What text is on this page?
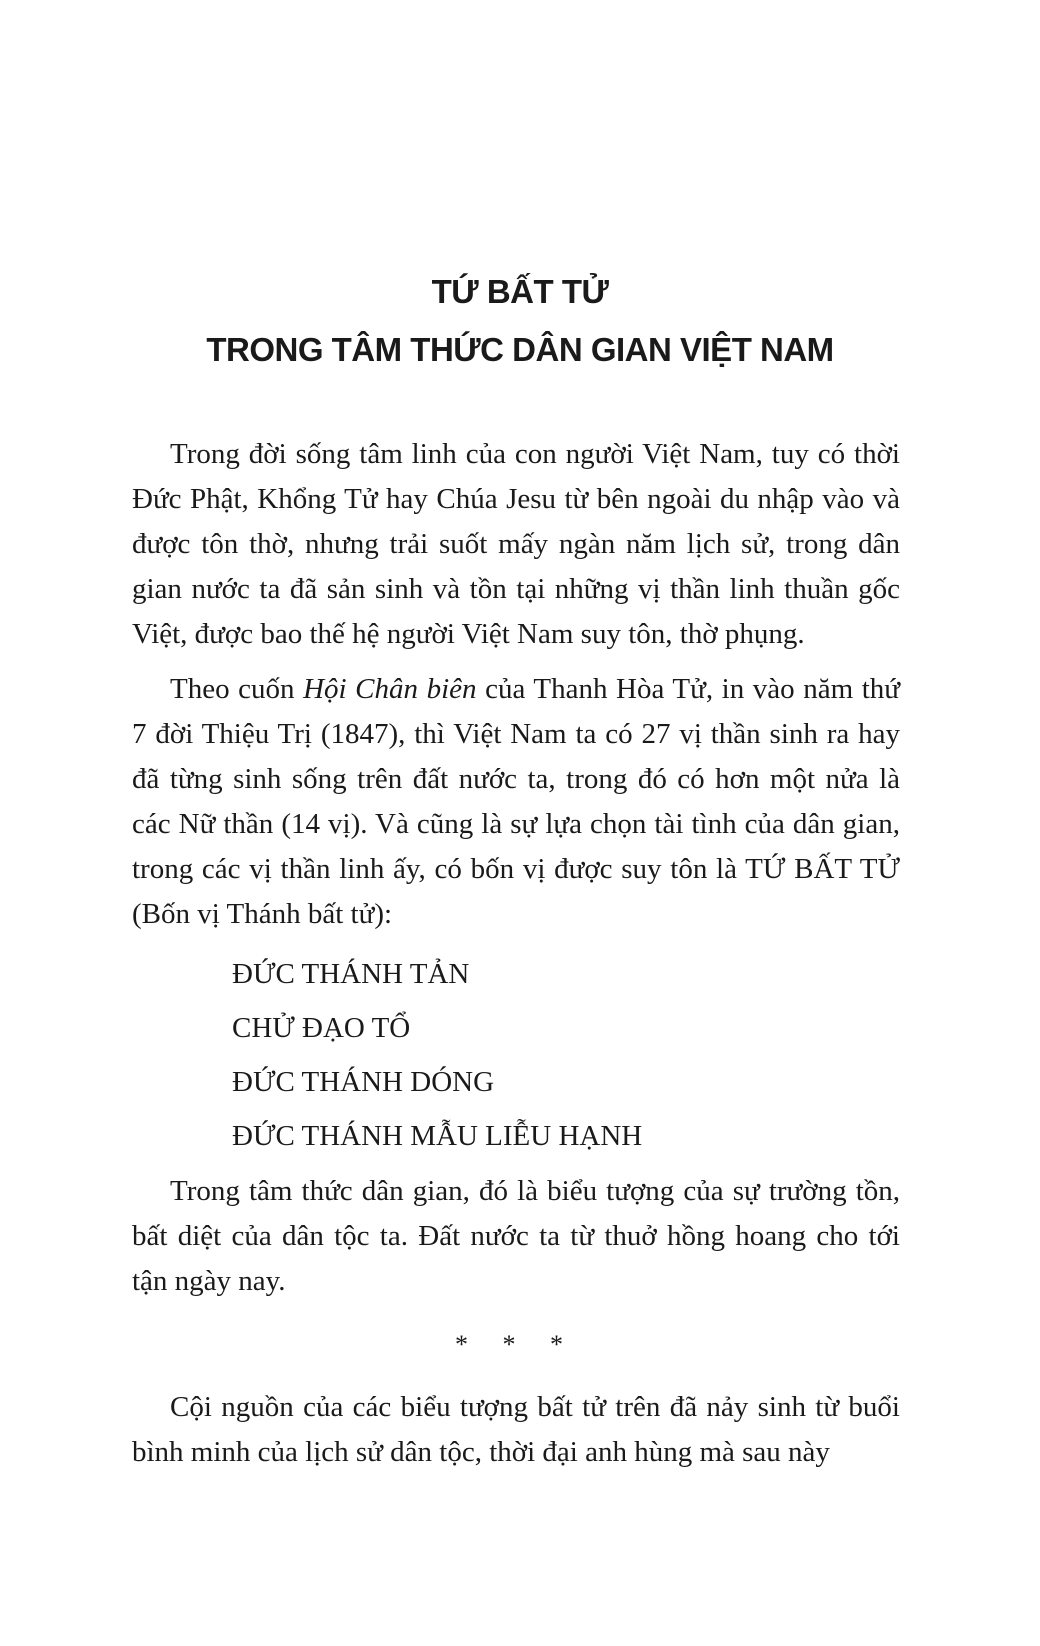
TỨ BẤT TỬ
TRONG TÂM THỨC DÂN GIAN VIỆT NAM

Trong đời sống tâm linh của con người Việt Nam, tuy có thời Đức Phật, Khổng Tử hay Chúa Jesu từ bên ngoài du nhập vào và được tôn thờ, nhưng trải suốt mấy ngàn năm lịch sử, trong dân gian nước ta đã sản sinh và tồn tại những vị thần linh thuần gốc Việt, được bao thế hệ người Việt Nam suy tôn, thờ phụng.

Theo cuốn Hội Chân biên của Thanh Hòa Tử, in vào năm thứ 7 đời Thiệu Trị (1847), thì Việt Nam ta có 27 vị thần sinh ra hay đã từng sinh sống trên đất nước ta, trong đó có hơn một nửa là các Nữ thần (14 vị). Và cũng là sự lựa chọn tài tình của dân gian, trong các vị thần linh ấy, có bốn vị được suy tôn là TỨ BẤT TỬ (Bốn vị Thánh bất tử):

ĐỨC THÁNH TẢN
CHỬ ĐẠO TỔ
ĐỨC THÁNH DÓNG
ĐỨC THÁNH MẪU LIỄU HẠNH

Trong tâm thức dân gian, đó là biểu tượng của sự trường tồn, bất diệt của dân tộc ta. Đất nước ta từ thuở hồng hoang cho tới tận ngày nay.

* * *

Cội nguồn của các biểu tượng bất tử trên đã nảy sinh từ buổi bình minh của lịch sử dân tộc, thời đại anh hùng mà sau này
